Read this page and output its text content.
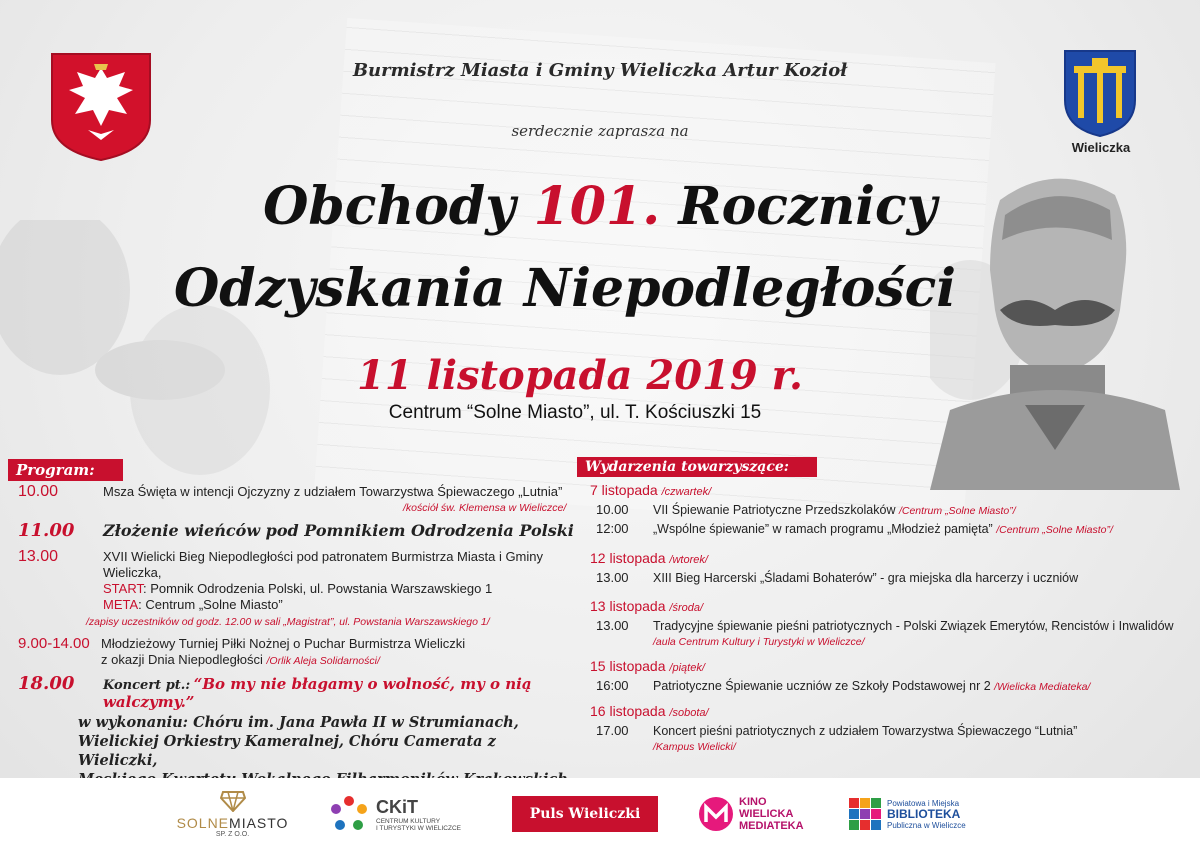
Wieliczka
Burmistrz Miasta i Gminy Wieliczka Artur Kozioł
serdecznie zaprasza na
Obchody 101. Rocznicy
Odzyskania Niepodległości
11 listopada 2019 r.
Centrum “Solne Miasto”, ul. T. Kościuszki 15
Program:
10.00	Msza Święta w intencji Ojczyzny z udziałem Towarzystwa Śpiewaczego „Lutnia”
/kościół św. Klemensa w Wieliczce/
11.00	Złożenie wieńców pod Pomnikiem Odrodzenia Polski
13.00	XVII Wielicki Bieg Niepodległości pod patronatem Burmistrza Miasta i Gminy Wieliczka,
START: Pomnik Odrodzenia Polski, ul. Powstania Warszawskiego 1
META: Centrum „Solne Miasto”
/zapisy uczestników od godz. 12.00 w sali „Magistrat”, ul. Powstania Warszawskiego 1/
9.00-14.00 Młodzieżowy Turniej Piłki Nożnej o Puchar Burmistrza Wieliczki
z okazji Dnia Niepodległości /Orlik Aleja Solidarności/
18.00	Koncert pt.: “Bo my nie błagamy o wolność, my o nią walczymy.”
w wykonaniu: Chóru im. Jana Pawła II w Strumianach,
Wielickiej Orkiestry Kameralnej, Chóru Camerata z Wieliczki,
Wydarzenia towarzyszące:
7 listopada /czwartek/
10.00	VII Śpiewanie Patriotyczne Przedszkolaków /Centrum „Solne Miasto”/
12:00	„Wspólne śpiewanie” w ramach programu „Młodzież pamięta” /Centrum „Solne Miasto”/
12 listopada /wtorek/
13.00	XIII Bieg Harcerski „Śladami Bohaterów” - gra miejska dla harcerzy i uczniów
13 listopada /środa/
13.00	Tradycyjne śpiewanie pieśni patriotycznych - Polski Związek Emerytów, Rencistów i Inwalidów
/aula Centrum Kultury i Turystyki w Wieliczce/
15 listopada /piątek/
16:00	Patriotyczne Śpiewanie uczniów ze Szkoły Podstawowej nr 2 /Wielicka Mediateka/
16 listopada /sobota/
17.00	Koncert pieśni patriotycznych z udziałem Towarzystwa Śpiewaczego “Lutnia”
/Kampus Wielicki/
SOLNEMIASTO
SP. Z O.O.
CKiT
CENTRUM KULTURY
I TURYSTYKI W WIELICZCE
Puls Wieliczki
KINO
WIELICKA
MEDIATEKA
Powiatowa i Miejska
BIBLIOTEKA
Publiczna w Wieliczce
